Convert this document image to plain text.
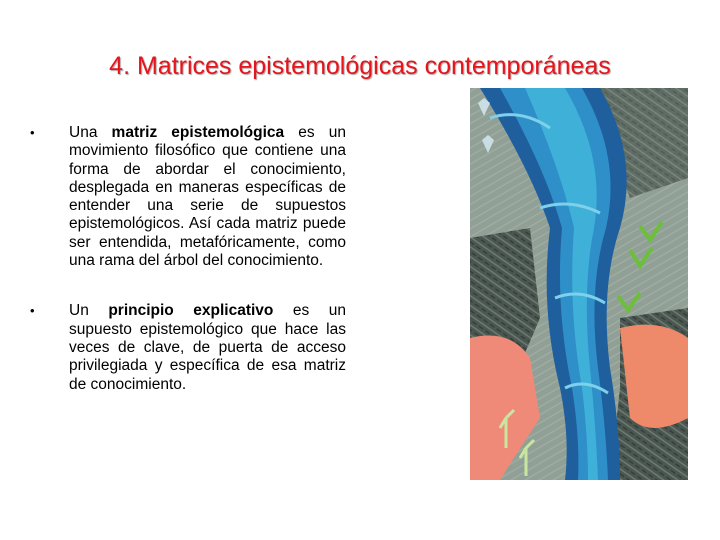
4. Matrices epistemológicas contemporáneas
• Una matriz epistemológica es un movimiento filosófico que contiene una forma de abordar el conocimiento, desplegada en maneras específicas de entender una serie de supuestos epistemológicos. Así cada matriz puede ser entendida, metafóricamente, como una rama del árbol del conocimiento.
• Un principio explicativo es un supuesto epistemológico que hace las veces de clave, de puerta de acceso privilegiada y específica de esa matriz de conocimiento.
